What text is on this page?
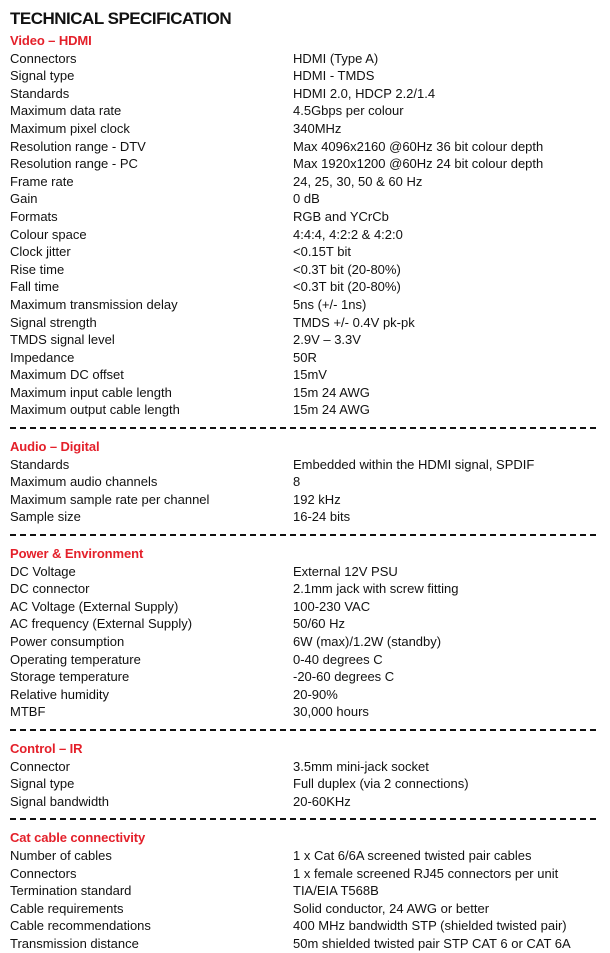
TECHNICAL SPECIFICATION
Video – HDMI
Connectors	HDMI (Type A)
Signal type	HDMI - TMDS
Standards	HDMI 2.0, HDCP 2.2/1.4
Maximum data rate	4.5Gbps per colour
Maximum pixel clock	340MHz
Resolution range - DTV	Max 4096x2160 @60Hz 36 bit colour depth
Resolution range - PC	Max 1920x1200 @60Hz 24 bit colour depth
Frame rate	24, 25, 30, 50 & 60 Hz
Gain	0 dB
Formats	RGB and YCrCb
Colour space	4:4:4, 4:2:2 & 4:2:0
Clock jitter	<0.15T bit
Rise time	<0.3T bit (20-80%)
Fall time	<0.3T bit (20-80%)
Maximum transmission delay	5ns (+/- 1ns)
Signal strength	TMDS +/- 0.4V pk-pk
TMDS signal level	2.9V – 3.3V
Impedance	50R
Maximum DC offset	15mV
Maximum input cable length	15m 24 AWG
Maximum output cable length	15m 24 AWG
Audio – Digital
Standards	Embedded within the HDMI signal, SPDIF
Maximum audio channels	8
Maximum sample rate per channel	192 kHz
Sample size	16-24 bits
Power & Environment
DC Voltage	External 12V PSU
DC connector	2.1mm jack with screw fitting
AC Voltage (External Supply)	100-230 VAC
AC frequency (External Supply)	50/60 Hz
Power consumption	6W (max)/1.2W (standby)
Operating temperature	0-40 degrees C
Storage temperature	-20-60 degrees C
Relative humidity	20-90%
MTBF	30,000 hours
Control – IR
Connector	3.5mm mini-jack socket
Signal type	Full duplex (via 2 connections)
Signal bandwidth	20-60KHz
Cat cable connectivity
Number of cables	1 x Cat 6/6A screened twisted pair cables
Connectors	1 x female screened RJ45 connectors per unit
Termination standard	TIA/EIA T568B
Cable requirements	Solid conductor, 24 AWG or better
Cable recommendations	400 MHz bandwidth STP (shielded twisted pair)
Transmission distance	50m shielded twisted pair STP CAT 6 or CAT 6A
